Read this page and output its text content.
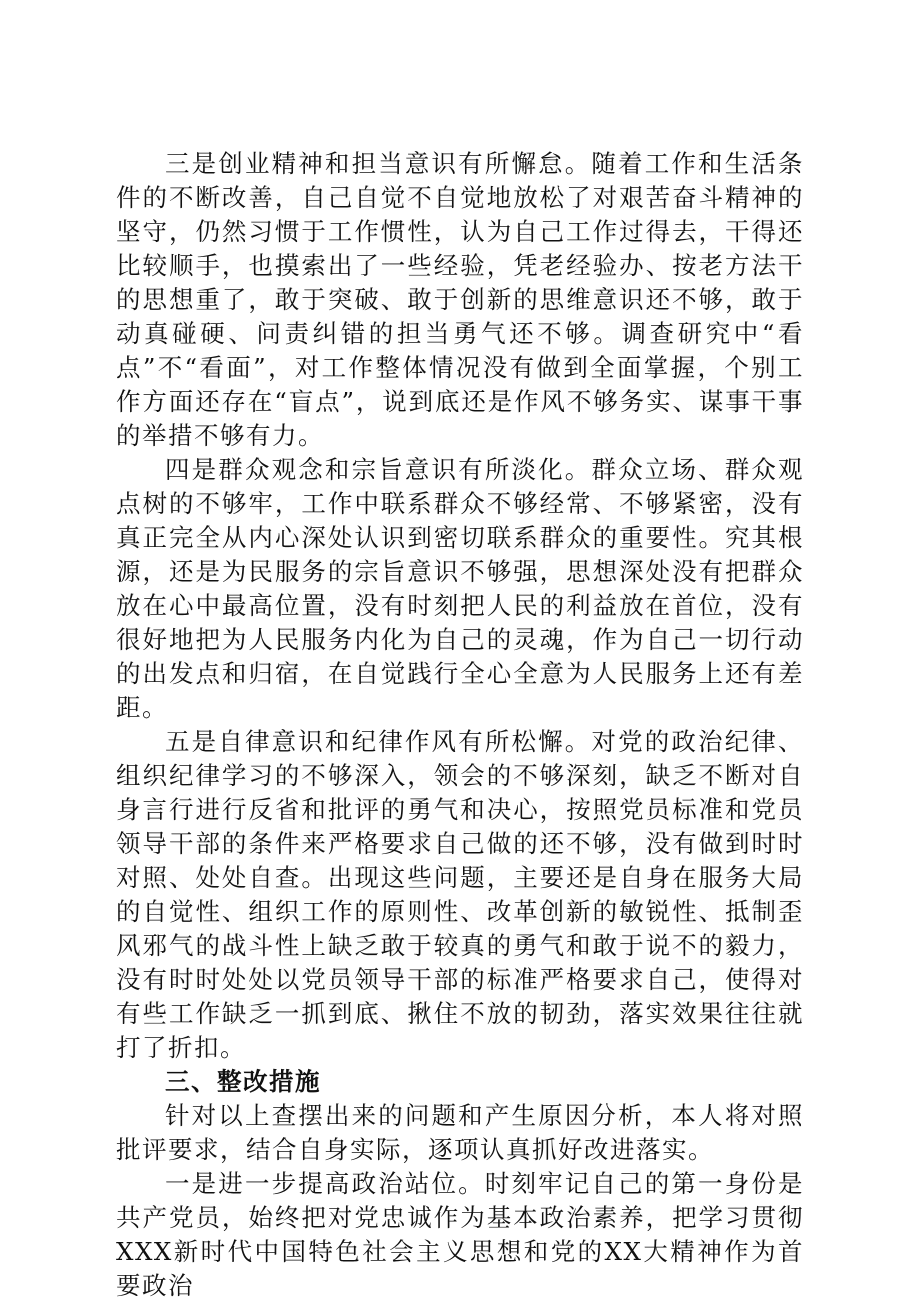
三是创业精神和担当意识有所懈怠。随着工作和生活条件的不断改善，自己自觉不自觉地放松了对艰苦奋斗精神的坚守，仍然习惯于工作惯性，认为自己工作过得去，干得还比较顺手，也摸索出了一些经验，凭老经验办、按老方法干的思想重了，敢于突破、敢于创新的思维意识还不够，敢于动真碰硬、问责纠错的担当勇气还不够。调查研究中“看点”不“看面”，对工作整体情况没有做到全面掌握，个别工作方面还存在“盲点”，说到底还是作风不够务实、谋事干事的举措不够有力。

四是群众观念和宗旨意识有所淡化。群众立场、群众观点树的不够牢，工作中联系群众不够经常、不够紧密，没有真正完全从内心深处认识到密切联系群众的重要性。究其根源，还是为民服务的宗旨意识不够强，思想深处没有把群众放在心中最高位置，没有时刻把人民的利益放在首位，没有很好地把为人民服务内化为自己的灵魂，作为自己一切行动的出发点和归宿，在自觉践行全心全意为人民服务上还有差距。

五是自律意识和纪律作风有所松懈。对党的政治纪律、组织纪律学习的不够深入，领会的不够深刻，缺乏不断对自身言行进行反省和批评的勇气和决心，按照党员标准和党员领导干部的条件来严格要求自己做的还不够，没有做到时时对照、处处自查。出现这些问题，主要还是自身在服务大局的自觉性、组织工作的原则性、改革创新的敏锐性、抵制歪风邪气的战斗性上缺乏敢于较真的勇气和敢于说不的毅力，没有时时处处以党员领导干部的标准严格要求自己，使得对有些工作缺乏一抓到底、揪住不放的韧劲，落实效果往往就打了折扣。

三、整改措施

针对以上查摆出来的问题和产生原因分析，本人将对照批评要求，结合自身实际，逐项认真抓好改进落实。

一是进一步提高政治站位。时刻牢记自己的第一身份是共产党员，始终把对党忠诚作为基本政治素养，把学习贯彻XXX新时代中国特色社会主义思想和党的XX大精神作为首要政治
